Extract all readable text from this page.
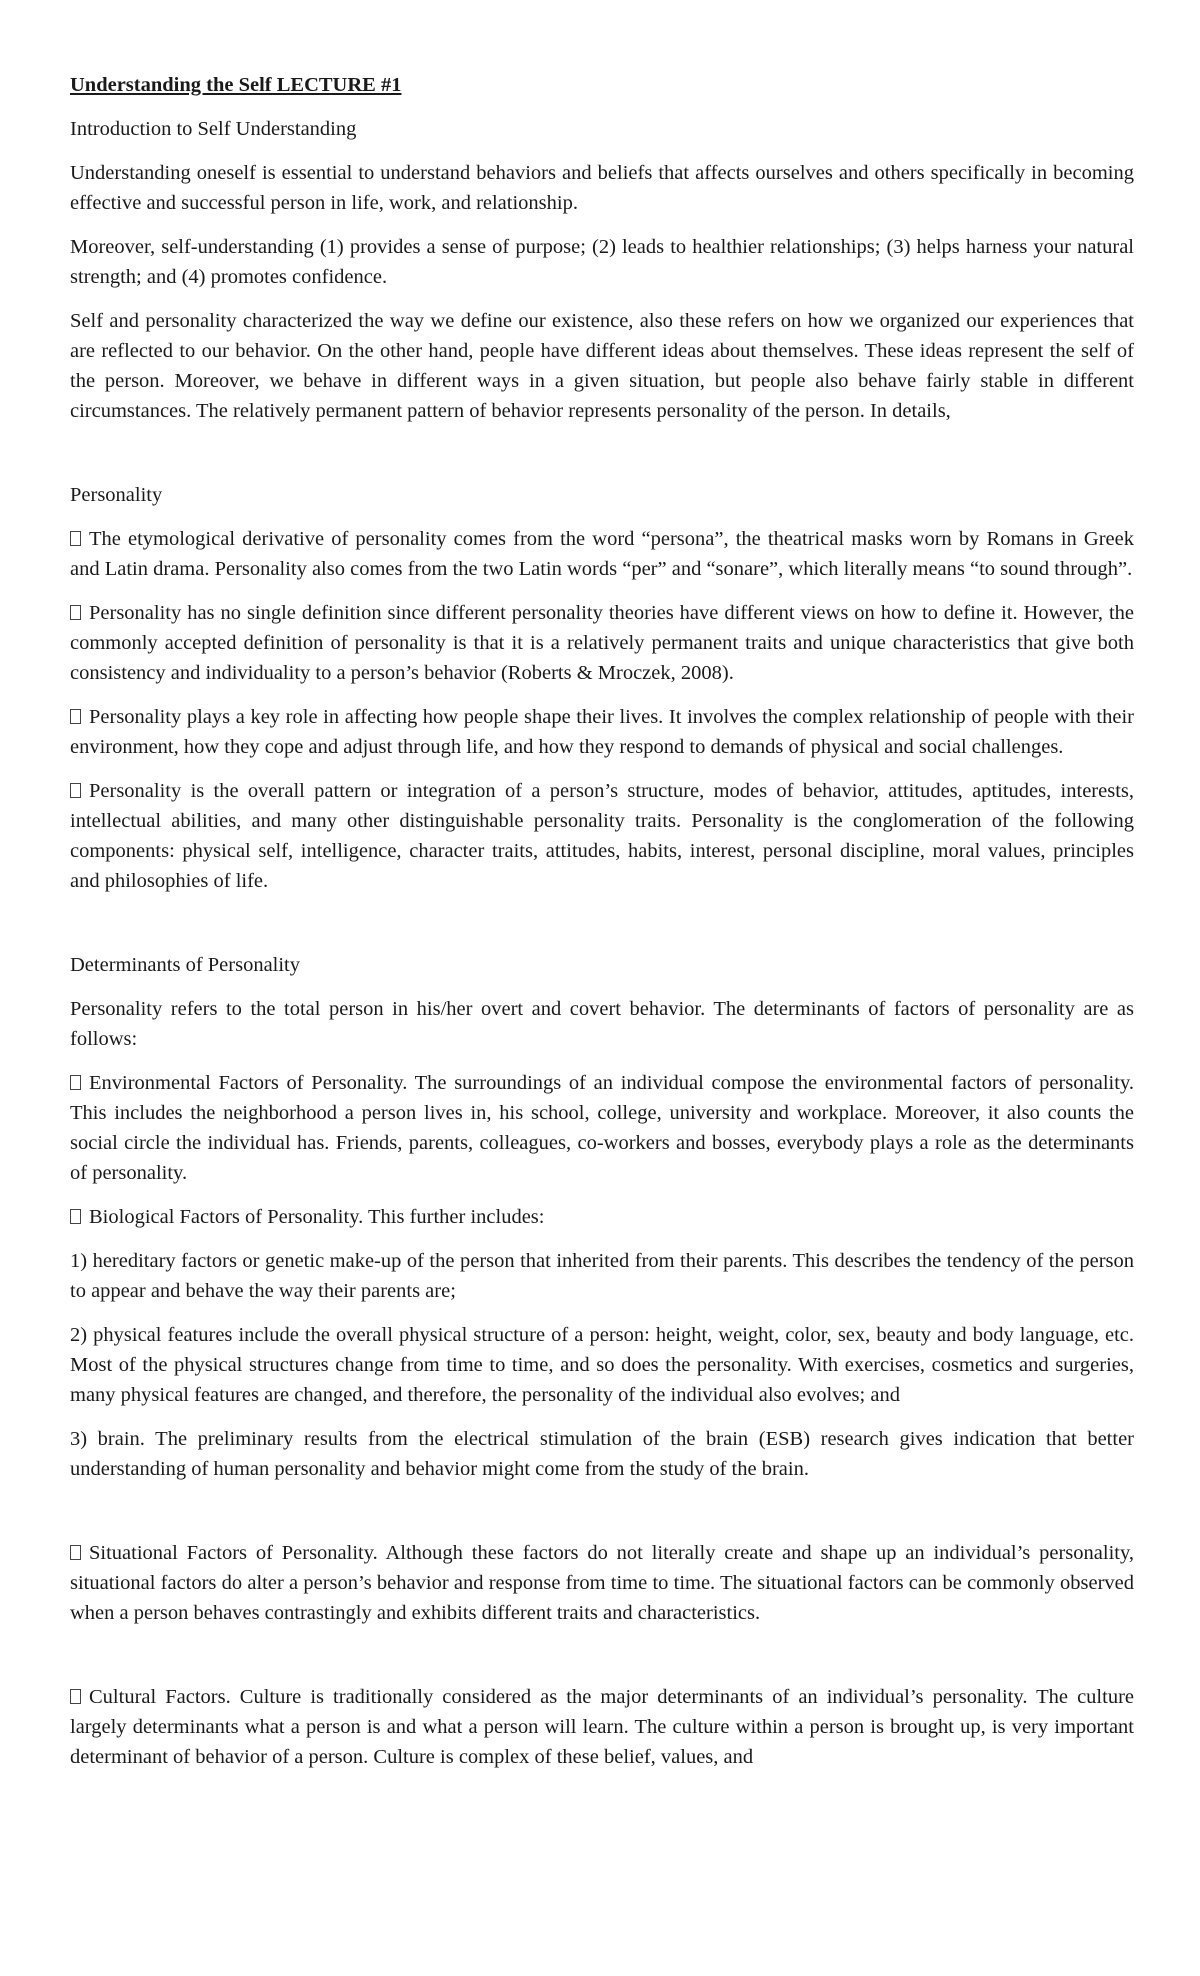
Understanding the Self LECTURE #1

Introduction to Self Understanding

Understanding oneself is essential to understand behaviors and beliefs that affects ourselves and others specifically in becoming effective and successful person in life, work, and relationship.

Moreover, self-understanding (1) provides a sense of purpose; (2) leads to healthier relationships; (3) helps harness your natural strength; and (4) promotes confidence.

Self and personality characterized the way we define our existence, also these refers on how we organized our experiences that are reflected to our behavior. On the other hand, people have different ideas about themselves. These ideas represent the self of the person. Moreover, we behave in different ways in a given situation, but people also behave fairly stable in different circumstances. The relatively permanent pattern of behavior represents personality of the person. In details,

Personality

The etymological derivative of personality comes from the word “persona”, the theatrical masks worn by Romans in Greek and Latin drama. Personality also comes from the two Latin words “per” and “sonare”, which literally means “to sound through”.

Personality has no single definition since different personality theories have different views on how to define it. However, the commonly accepted definition of personality is that it is a relatively permanent traits and unique characteristics that give both consistency and individuality to a person’s behavior (Roberts & Mroczek, 2008).

Personality plays a key role in affecting how people shape their lives. It involves the complex relationship of people with their environment, how they cope and adjust through life, and how they respond to demands of physical and social challenges.

Personality is the overall pattern or integration of a person’s structure, modes of behavior, attitudes, aptitudes, interests, intellectual abilities, and many other distinguishable personality traits. Personality is the conglomeration of the following components: physical self, intelligence, character traits, attitudes, habits, interest, personal discipline, moral values, principles and philosophies of life.

Determinants of Personality

Personality refers to the total person in his/her overt and covert behavior. The determinants of factors of personality are as follows:

Environmental Factors of Personality. The surroundings of an individual compose the environmental factors of personality. This includes the neighborhood a person lives in, his school, college, university and workplace. Moreover, it also counts the social circle the individual has. Friends, parents, colleagues, co-workers and bosses, everybody plays a role as the determinants of personality.

Biological Factors of Personality. This further includes:

1) hereditary factors or genetic make-up of the person that inherited from their parents. This describes the tendency of the person to appear and behave the way their parents are;

2) physical features include the overall physical structure of a person: height, weight, color, sex, beauty and body language, etc. Most of the physical structures change from time to time, and so does the personality. With exercises, cosmetics and surgeries, many physical features are changed, and therefore, the personality of the individual also evolves; and

3) brain. The preliminary results from the electrical stimulation of the brain (ESB) research gives indication that better understanding of human personality and behavior might come from the study of the brain.

Situational Factors of Personality. Although these factors do not literally create and shape up an individual’s personality, situational factors do alter a person’s behavior and response from time to time. The situational factors can be commonly observed when a person behaves contrastingly and exhibits different traits and characteristics.

Cultural Factors. Culture is traditionally considered as the major determinants of an individual’s personality. The culture largely determinants what a person is and what a person will learn. The culture within a person is brought up, is very important determinant of behavior of a person. Culture is complex of these belief, values, and
